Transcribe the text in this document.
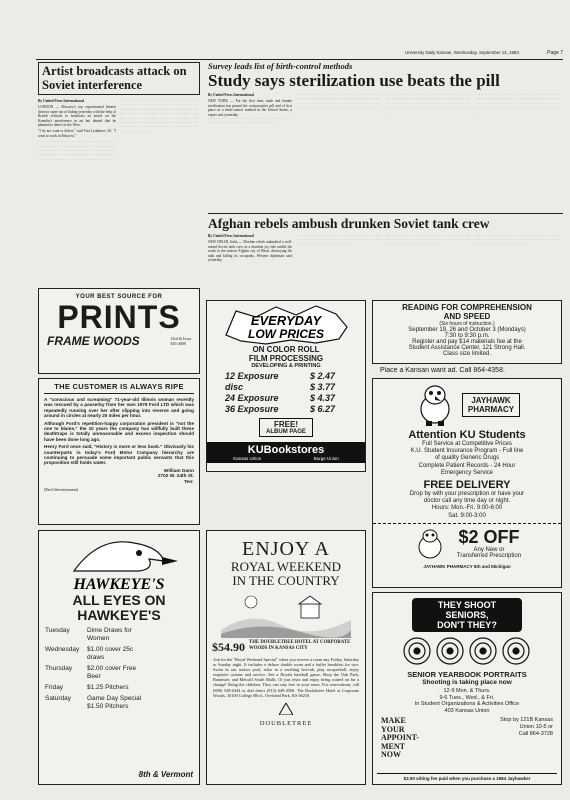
University Daily Kansan, Wednesday, September 14, 1983	Page 7
Artist broadcasts attack on Soviet interference
By United Press International
LONDON — Moscow's top experimental theater director came out of hiding yesterday with the help of British officials to broadcast an attack on the Kremlin's interference in art but denied that he planned to defect to the West.
"I do not want to defect," said Yuri Lyubimov, 65. "I want to work in Moscow."
· · · · · · · · · · · · · · · · · · · · · · · · · · · · · · · · · · · · · · · · · · · · · · · · · · · · · · · · · · · · · · · · · · · · · · · · · · · · · · · · · · · · · · · · · · · · · · · · · · · · · · · · · · · · · · · · · · · · · · · · · · · · · · · · · · · · · · · · · · · · · · · · · · · · · · · · · · · · · · · · · · · · · · · · · · · · · · · · · · · · · · · ·
· · · · · · · · · · · · · · · · · · · · · · · · · · · · · · · · · · · · · · · · · · · · · · · · · · · · · · · · · · · · · · · · · · · · · · · · · · · · · · · · · · · · · · · · · · · · · · · · · · · · · · · · · · · · · · · · · · · · · · · · · · · · · · · · · · · · · · · · · · · · · · · · · · · · · · · · · · · · · · · · · · · · · · · · · · · · · · · · · · · · · · · · · · · · · · · · · · · · · · · · · · · · · · · · · · · · · · · · · · · · · · · · · · · · · · · · · · · · · · · · · · · · · · · · · · · · · · · · · · · · · · · · · · · · · · · · · ·
Survey leads list of birth-control methods
Study says sterilization use beats the pill
By United Press International
NEW YORK — For the first time, male and female sterilization has passed the contraceptive pill and of first place as a birth-control method in the United States, a report said yesterday.
· · · · · · · · · · · · · · · · · · · · · · · · · · · · · · · · · · · · · · · · · · · · · · · · · · · · · · · · · · · · · · · · · · · · · · · ·
· · · · · · · · · · · · · · · · · · · · · · · · · · · · · · · · · · · · · · · · · · · · · · · · · · · · · · · · · · · · · · · · · · · · · · · · · · · · · · · · · · · · · · · · · · · · · · · · · · · · · · · · · · · · · · · · · · · · · · · · · · · · · · · · · · · · · · · · · · · · · · · · · · · · · · · · · · · · · · · ·
· · · · · · · · · · · · · · · · · · · · · · · · · · · · · · · · · · · · · · · · · · · · · · · · · · · · · · · · · · · · · · · · · · · · · · · · · · · · · · · · · · · · · · · · · · · · · · · · · · · · · · · · · · · · · · · · · · · · · · · · · · · · · · · · · · · · · · · · · · · · · · · · · · · · · · · · · · · · · · · · ·
· · · · · · · · · · · · · · · · · · · · · · · · · · · · · · · · · · · · · · · · · · · · · · · · · · · · · · · · · · · · · · · · · · · · · · · · · · · · · · · · · · · · · · · · · · · · · · · · · · · · · · · · · · · · · · · · · · · · · · · · · · · · · · · · · · · · · · · · · · · · · · · · · · · · · · · · · · · · · · · · ·
Afghan rebels ambush drunken Soviet tank crew
By United Press International
NEW DELHI, India — Moslem rebels ambushed a well-armed Soviet tank crew as a drunken joy ride rattled the roads in the eastern Afghan city of Herat, destroying the tank and killing its occupants, Western diplomats said yesterday.
· · · · · · · · · · · · · · · · · · · · · · · · · · · · · · · · · · · · · · · · · · · · · · · · · · · · · · · · · · · · · · · · · · · · · · · · · · · · · · · · · · · · · · · · · · · · · · · · · · · · · · · · · ·
· · · · · · · · · · · · · · · · · · · · · · · · · · · · · · · · · · · · · · · · · · · · · · · · · · · · · · · · · · · · · · · · · · · · · · · · · · · · · · · · · · · · · · · · · · · · · · · · · · · · · · · · · ·
· · · · · · · · · · · · · · · · · · · · · · · · · · · · · · · · · · · · · · · · · · · · · · · · · · · · · · · · · · · · · · · · · · · · · · · · · · · · · · · · · · · · · · · · · · · · · · · · · · · · · · · · · ·
YOUR BEST SOURCE FOR
PRINTS
FRAME WOODS	23rd & Iowa
843-4000
THE CUSTOMER IS ALWAYS RIPE
A "conscious and screaming" 71-year-old Illinois woman recently was rescued by a passerby from her own 1978 Ford LTD which was repeatedly running over her after slipping into reverse and going around in circles at nearly 20 miles per hour.
Although Ford's repetition-happy corporation president is "not the one to blame," the 10 years the company has willfully built these deathtraps is totally unreasonable and excess inspection should have been done long ago.
Henry Ford once said, "History is more or less bunk." Obviously his counterparts in today's Ford Motor Company hierarchy are continuing to persuade some important public servants that this proposition still holds water.
William Dann
2702 W. 24th St.
Terr.
(Paid Advertisement)
EVERYDAY
LOW PRICES
ON COLOR ROLL
FILM PROCESSING
DEVELOPING & PRINTING
12 Exposure	$ 2.47
disc	$ 3.77
24 Exposure	$ 4.37
36 Exposure	$ 6.27
FREE!
ALBUM PAGE
KUBookstores
Kansas Union	Burge Union
READING FOR COMPREHENSION
AND SPEED
(Six hours of instruction.)
September 19, 26 and October 3 (Mondays)
7:30 to 9:30 p.m.
Register and pay $14 materials fee at the
Student Assistance Center, 121 Strong Hall.
Class size limited.
Place a Kansan want ad. Call 864-4358.
JAYHAWK
PHARMACY
Attention KU Students
Full Service at Competitive Prices
K.U. Student Insurance Program - Full line
of quality Generic Drugs
Complete Patient Records - 24 Hour
Emergency Service
FREE DELIVERY
Drop by with your prescription or have your
doctor call any time day or night.
Hours: Mon.-Fri. 9:00-6:00
Sat. 9:00-3:00
$2 OFF
Any New or
Transferred Prescription
JAYHAWK PHARMACY 6th and Michigan
HAWKEYE'S
ALL EYES ON
HAWKEYE'S
Tuesday	Dime Draws for Women
Wednesday	$1.00 cover 25c draws
Thursday	$2.00 cover Free Beer
Friday	$1.25 Pitchers
Saturday	Game Day Special $1.50 Pitchers
8th & Vermont
ENJOY A
ROYAL WEEKEND
IN THE COUNTRY
$54.90 THE DOUBLETREE HOTEL AT CORPORATE WOODS IN KANSAS CITY
Ask for the "Royal Weekend Special" when you reserve a room any Friday, Saturday or Sunday night. It includes a deluxe double room and a buffet breakfast for two. Swim in our indoor pool, relax in a soothing hot-tub, play racquetball, enjoy exquisite cuisine and service. See a Royals baseball game, Shop the Oak Park, Bannister, and Metcalf South Malls. Or just relax and enjoy being waited on for a change! Bring the children. They can stay free in your room. For reservations, call (800) 528-0444 or dial direct (913) 649-4500. The Doubletree Hotel at Corporate Woods, 10100 College Blvd., Overland Park, KS 66210.
DOUBLETREE
THEY SHOOT
SENIORS,
DON'T THEY?
SENIOR YEARBOOK PORTRAITS
Shooting is taking place now
12-9 Mon. & Thurs.
9-6 Tues., Wed., & Fri.
In Student Organizations & Activities Office
403 Kansas Union
MAKE YOUR APPOINT- MENT NOW
Stop by 121B Kansas
Union 10-5 or
Call 864-3728
$3.00 sitting fee paid when you purchase a 1984 Jayhawker
